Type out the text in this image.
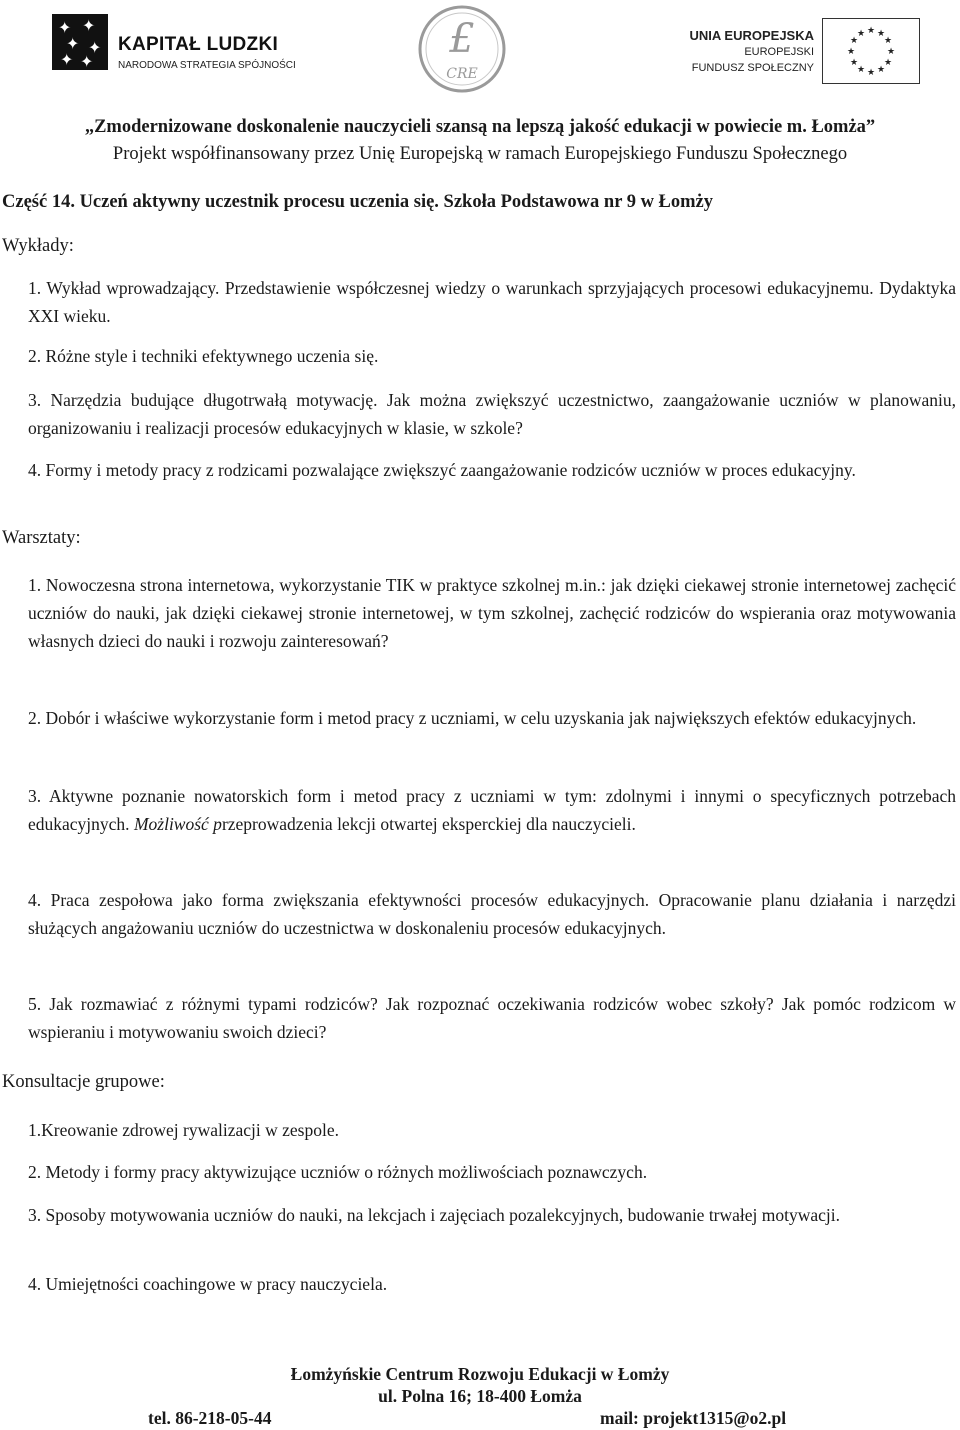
✦ ✦
✦ ✦
✦ ✦
KAPITAŁ LUDZKI
NARODOWA STRATEGIA SPÓJNOŚCI
£
CRE
UNIA EUROPEJSKA
EUROPEJSKI
FUNDUSZ SPOŁECZNY
★ ★
★
★
★
★
★
★
★
★
★
★
„Zmodernizowane doskonalenie nauczycieli szansą na lepszą jakość edukacji w powiecie m. Łomża”
Projekt współfinansowany przez Unię Europejską w ramach Europejskiego Funduszu Społecznego
Część 14. Uczeń aktywny uczestnik procesu uczenia się. Szkoła Podstawowa nr 9 w Łomży
Wykłady:
1. Wykład wprowadzający. Przedstawienie współczesnej wiedzy o warunkach sprzyjających procesowi edukacyjnemu. Dydaktyka XXI wieku.
2. Różne style i techniki efektywnego uczenia się.
3. Narzędzia budujące długotrwałą motywację. Jak można zwiększyć uczestnictwo, zaangażowanie uczniów w planowaniu, organizowaniu i realizacji procesów edukacyjnych w klasie, w szkole?
4. Formy i metody pracy z rodzicami pozwalające zwiększyć zaangażowanie rodziców uczniów w proces edukacyjny.
Warsztaty:
1. Nowoczesna strona internetowa, wykorzystanie TIK w praktyce szkolnej m.in.: jak dzięki ciekawej stronie internetowej zachęcić uczniów do nauki, jak dzięki ciekawej stronie internetowej, w tym szkolnej, zachęcić rodziców do wspierania oraz motywowania własnych dzieci do nauki i rozwoju zainteresowań?
2. Dobór i właściwe wykorzystanie form i metod pracy z uczniami, w celu uzyskania jak największych efektów edukacyjnych.
3. Aktywne poznanie nowatorskich form i metod pracy z uczniami w tym: zdolnymi i innymi o specyficznych potrzebach edukacyjnych. Możliwość przeprowadzenia lekcji otwartej eksperckiej dla nauczycieli.
4. Praca zespołowa jako forma zwiększania efektywności procesów edukacyjnych. Opracowanie planu działania i narzędzi służących angażowaniu uczniów do uczestnictwa w doskonaleniu procesów edukacyjnych.
5. Jak rozmawiać z różnymi typami rodziców? Jak rozpoznać oczekiwania rodziców wobec szkoły? Jak pomóc rodzicom w wspieraniu i motywowaniu swoich dzieci?
Konsultacje grupowe:
1.Kreowanie zdrowej rywalizacji w zespole.
2. Metody i formy pracy aktywizujące uczniów o różnych możliwościach poznawczych.
3. Sposoby motywowania uczniów do nauki, na lekcjach i zajęciach pozalekcyjnych, budowanie trwałej motywacji.
4. Umiejętności coachingowe w pracy nauczyciela.
Łomżyńskie Centrum Rozwoju Edukacji w Łomży
ul. Polna 16; 18-400 Łomża
tel. 86-218-05-44	mail: projekt1315@o2.pl
